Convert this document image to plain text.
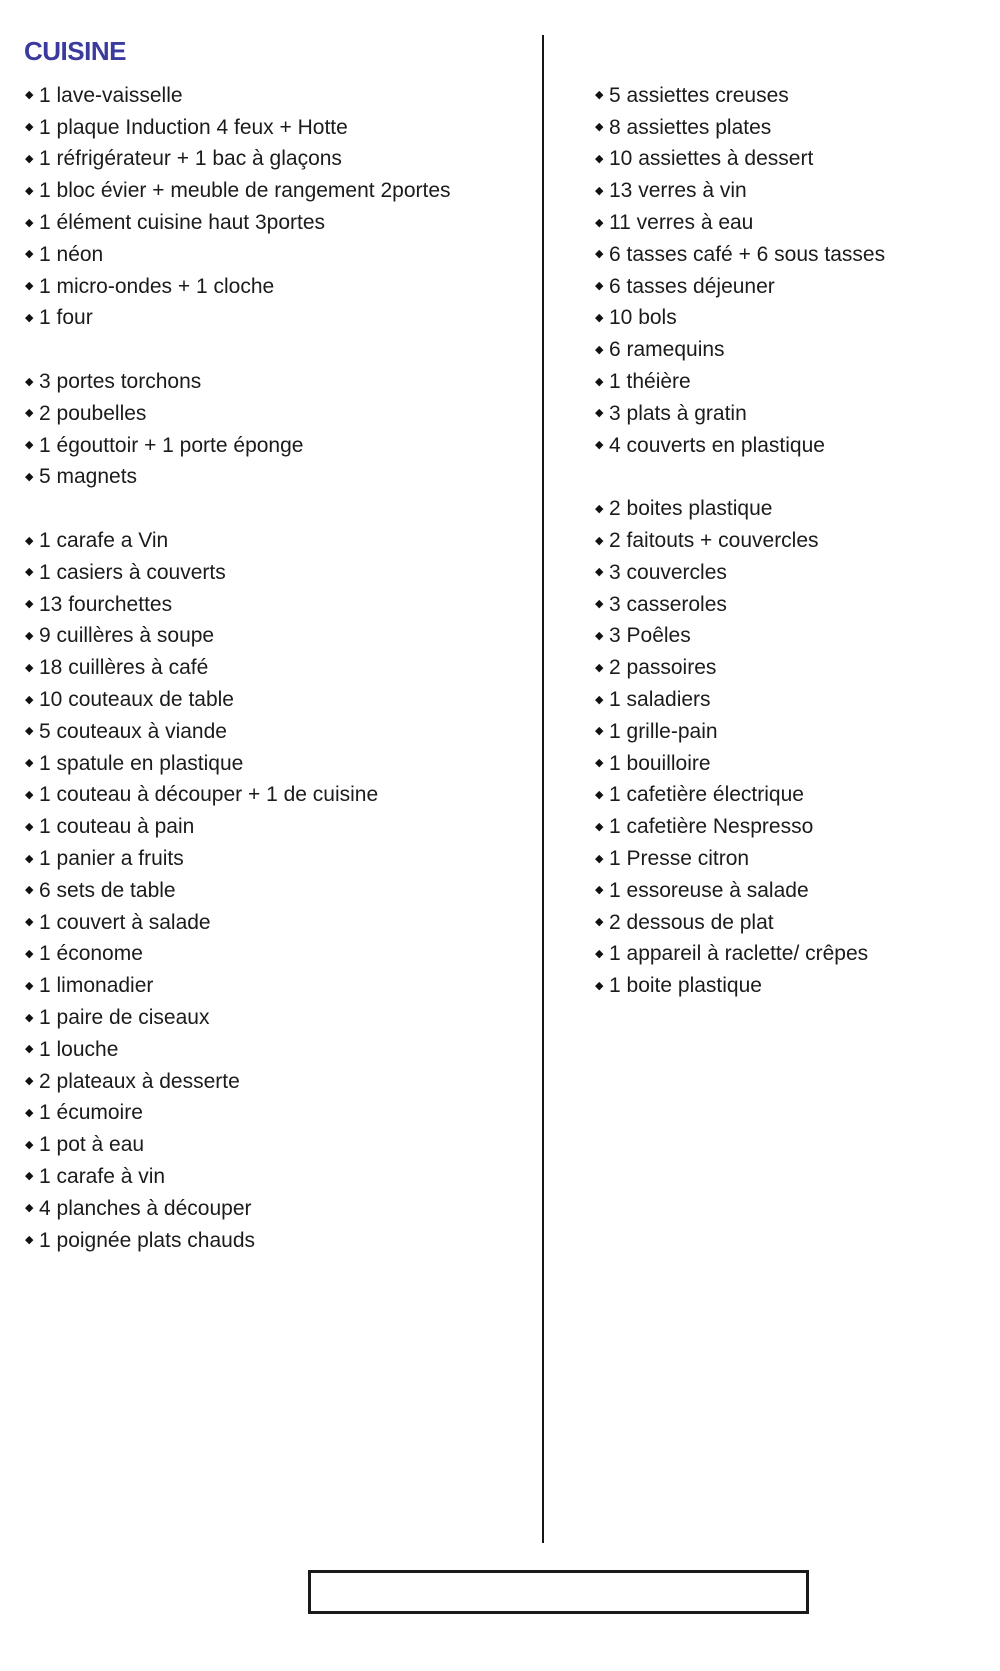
CUISINE
◆ 1 lave-vaisselle
◆ 1 plaque Induction 4 feux + Hotte
◆ 1 réfrigérateur + 1 bac à glaçons
◆ 1 bloc évier + meuble de rangement 2portes
◆ 1 élément cuisine haut 3portes
◆ 1 néon
◆ 1 micro-ondes + 1 cloche
◆ 1 four
◆ 3 portes torchons
◆ 2 poubelles
◆ 1 égouttoir + 1 porte éponge
◆ 5 magnets
◆ 1 carafe a Vin
◆ 1 casiers à couverts
◆ 13 fourchettes
◆ 9 cuillères à soupe
◆ 18 cuillères à café
◆ 10 couteaux de table
◆ 5 couteaux à viande
◆ 1 spatule en plastique
◆ 1 couteau à découper + 1 de cuisine
◆ 1 couteau à pain
◆ 1 panier a fruits
◆ 6 sets de table
◆ 1 couvert à salade
◆ 1 économe
◆ 1 limonadier
◆ 1 paire de ciseaux
◆ 1 louche
◆ 2 plateaux à desserte
◆ 1 écumoire
◆ 1 pot à eau
◆ 1 carafe à vin
◆ 4 planches à découper
◆ 1 poignée plats chauds
◆ 5 assiettes creuses
◆ 8 assiettes plates
◆ 10 assiettes à dessert
◆ 13 verres à vin
◆ 11 verres à eau
◆ 6 tasses café + 6 sous tasses
◆ 6 tasses déjeuner
◆ 10 bols
◆ 6 ramequins
◆ 1 théière
◆ 3 plats à gratin
◆ 4 couverts en plastique
◆ 2 boites plastique
◆ 2 faitouts + couvercles
◆ 3 couvercles
◆ 3 casseroles
◆ 3 Poêles
◆ 2 passoires
◆ 1 saladiers
◆ 1 grille-pain
◆ 1 bouilloire
◆ 1 cafetière électrique
◆ 1 cafetière Nespresso
◆ 1 Presse citron
◆ 1 essoreuse à salade
◆ 2 dessous de plat
◆ 1 appareil à raclette/ crêpes
◆ 1 boite plastique
